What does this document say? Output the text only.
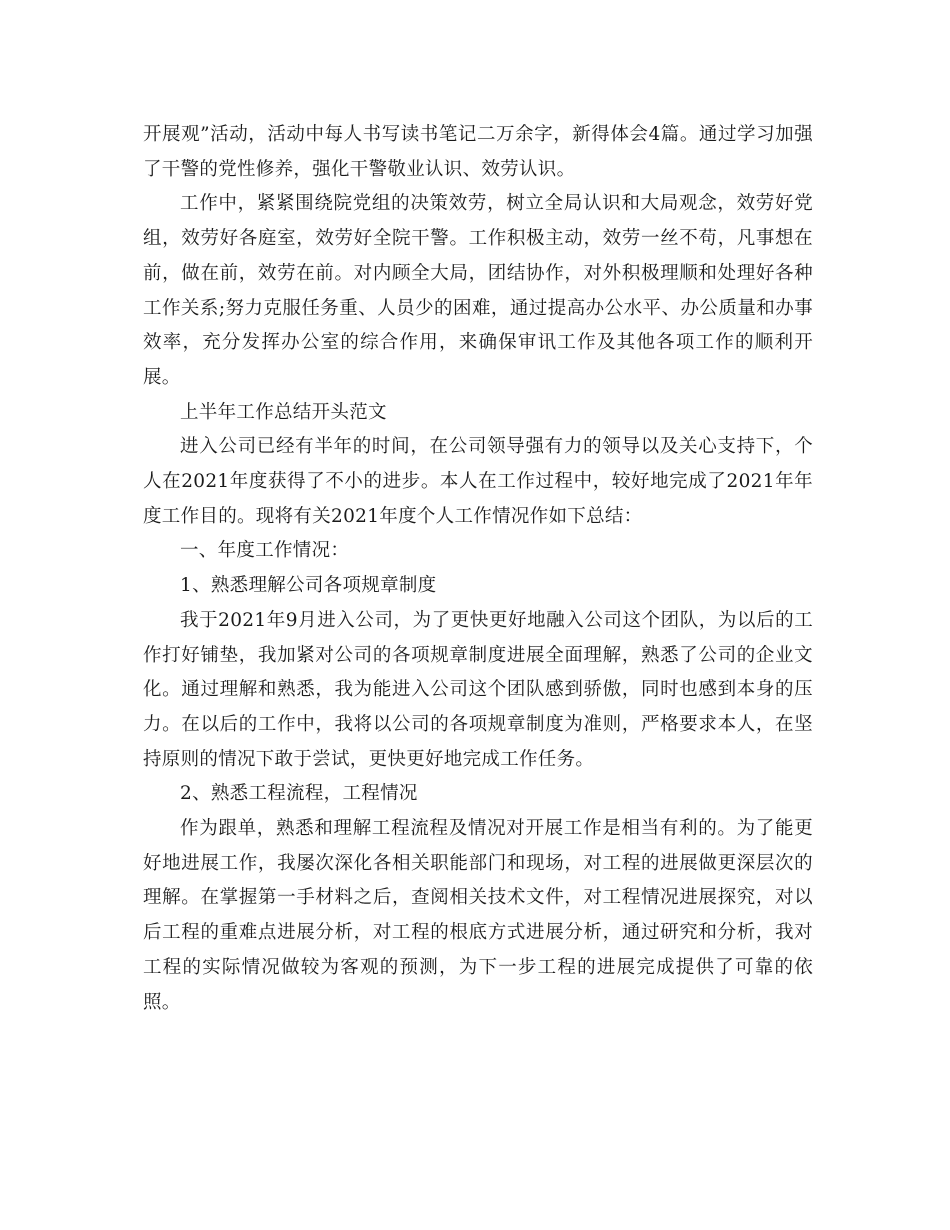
开展观”活动，活动中每人书写读书笔记二万余字，新得体会4篇。通过学习加强了干警的党性修养，强化干警敬业认识、效劳认识。

工作中，紧紧围绕院党组的决策效劳，树立全局认识和大局观念，效劳好党组，效劳好各庭室，效劳好全院干警。工作积极主动，效劳一丝不苟，凡事想在前，做在前，效劳在前。对内顾全大局，团结协作，对外积极理顺和处理好各种工作关系;努力克服任务重、人员少的困难，通过提高办公水平、办公质量和办事效率，充分发挥办公室的综合作用，来确保审讯工作及其他各项工作的顺利开展。

上半年工作总结开头范文

进入公司已经有半年的时间，在公司领导强有力的领导以及关心支持下，个人在2021年度获得了不小的进步。本人在工作过程中，较好地完成了2021年年度工作目的。现将有关2021年度个人工作情况作如下总结：

一、年度工作情况：

1、熟悉理解公司各项规章制度

我于2021年9月进入公司，为了更快更好地融入公司这个团队，为以后的工作打好铺垫，我加紧对公司的各项规章制度进展全面理解，熟悉了公司的企业文化。通过理解和熟悉，我为能进入公司这个团队感到骄傲，同时也感到本身的压力。在以后的工作中，我将以公司的各项规章制度为准则，严格要求本人，在坚持原则的情况下敢于尝试，更快更好地完成工作任务。

2、熟悉工程流程，工程情况

作为跟单，熟悉和理解工程流程及情况对开展工作是相当有利的。为了能更好地进展工作，我屡次深化各相关职能部门和现场，对工程的进展做更深层次的理解。在掌握第一手材料之后，查阅相关技术文件，对工程情况进展探究，对以后工程的重难点进展分析，对工程的根底方式进展分析，通过研究和分析，我对工程的实际情况做较为客观的预测，为下一步工程的进展完成提供了可靠的依照。
